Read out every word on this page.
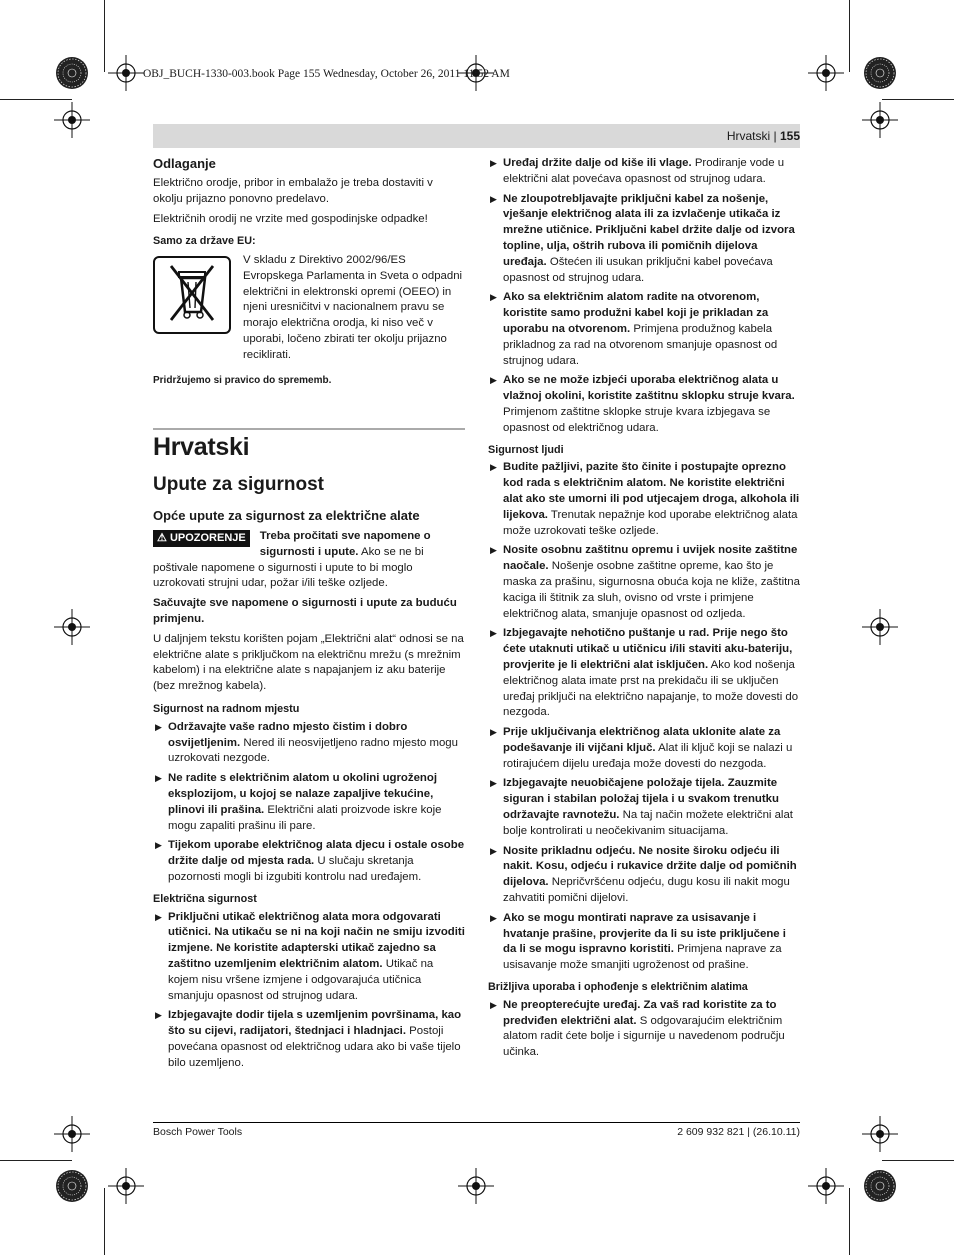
OBJ_BUCH-1330-003.book Page 155 Wednesday, October 26, 2011 11:52 AM
Hrvatski | 155

Odlaganje

Električno orodje, pribor in embalažo je treba dostaviti v okolju prijazno ponovno predelavo.

Električnih orodij ne vrzite med gospodinjske odpadke!

Samo za države EU:

V skladu z Direktivo 2002/96/ES Evropskega Parlamenta in Sveta o odpadni električni in elektronski opremi (OEEO) in njeni uresničitvi v nacionalnem pravu se morajo električna orodja, ki niso več v uporabi, ločeno zbirati ter okolju prijazno reciklirati.

Pridržujemo si pravico do sprememb.

Hrvatski

Upute za sigurnost

Opće upute za sigurnost za električne alate

⚠ UPOZORENJE	Treba pročitati sve napomene o sigurnosti i upute. Ako se ne bi poštivale napomene o sigurnosti i upute to bi moglo uzrokovati strujni udar, požar i/ili teške ozljede.

Sačuvajte sve napomene o sigurnosti i upute za buduću primjenu.

U daljnjem tekstu korišten pojam „Električni alat“ odnosi se na električne alate s priključkom na električnu mrežu (s mrežnim kabelom) i na električne alate s napajanjem iz aku baterije (bez mrežnog kabela).

Sigurnost na radnom mjestu

▶ Održavajte vaše radno mjesto čistim i dobro osvijetljenim. Nered ili neosvijetljeno radno mjesto mogu uzrokovati nezgode.
▶ Ne radite s električnim alatom u okolini ugroženoj eksplozijom, u kojoj se nalaze zapaljive tekućine, plinovi ili prašina. Električni alati proizvode iskre koje mogu zapaliti prašinu ili pare.
▶ Tijekom uporabe električnog alata djecu i ostale osobe držite dalje od mjesta rada. U slučaju skretanja pozornosti mogli bi izgubiti kontrolu nad uređajem.

Električna sigurnost

▶ Priključni utikač električnog alata mora odgovarati utičnici. Na utikaču se ni na koji način ne smiju izvoditi izmjene. Ne koristite adapterski utikač zajedno sa zaštitno uzemljenim električnim alatom. Utikač na kojem nisu vršene izmjene i odgovarajuća utičnica smanjuju opasnost od strujnog udara.
▶ Izbjegavajte dodir tijela s uzemljenim površinama, kao što su cijevi, radijatori, štednjaci i hladnjaci. Postoji povećana opasnost od električnog udara ako bi vaše tijelo bilo uzemljeno.
▶ Uređaj držite dalje od kiše ili vlage. Prodiranje vode u električni alat povećava opasnost od strujnog udara.
▶ Ne zloupotrebljavajte priključni kabel za nošenje, vješanje električnog alata ili za izvlačenje utikača iz mrežne utičnice. Priključni kabel držite dalje od izvora topline, ulja, oštrih rubova ili pomičnih dijelova uređaja. Oštećen ili usukan priključni kabel povećava opasnost od strujnog udara.
▶ Ako sa električnim alatom radite na otvorenom, koristite samo produžni kabel koji je prikladan za uporabu na otvorenom. Primjena produžnog kabela prikladnog za rad na otvorenom smanjuje opasnost od strujnog udara.
▶ Ako se ne može izbjeći uporaba električnog alata u vlažnoj okolini, koristite zaštitnu sklopku struje kvara. Primjenom zaštitne sklopke struje kvara izbjegava se opasnost od električnog udara.

Sigurnost ljudi

▶ Budite pažljivi, pazite što činite i postupajte oprezno kod rada s električnim alatom. Ne koristite električni alat ako ste umorni ili pod utjecajem droga, alkohola ili lijekova. Trenutak nepažnje kod uporabe električnog alata može uzrokovati teške ozljede.
▶ Nosite osobnu zaštitnu opremu i uvijek nosite zaštitne naočale. Nošenje osobne zaštitne opreme, kao što je maska za prašinu, sigurnosna obuća koja ne kliže, zaštitna kaciga ili štitnik za sluh, ovisno od vrste i primjene električnog alata, smanjuje opasnost od ozljeda.
▶ Izbjegavajte nehotično puštanje u rad. Prije nego što ćete utaknuti utikač u utičnicu i/ili staviti aku-bateriju, provjerite je li električni alat isključen. Ako kod nošenja električnog alata imate prst na prekidaču ili se uključen uređaj priključi na električno napajanje, to može dovesti do nezgoda.
▶ Prije uključivanja električnog alata uklonite alate za podešavanje ili vijčani ključ. Alat ili ključ koji se nalazi u rotirajućem dijelu uređaja može dovesti do nezgoda.
▶ Izbjegavajte neuobičajene položaje tijela. Zauzmite siguran i stabilan položaj tijela i u svakom trenutku održavajte ravnotežu. Na taj način možete električni alat bolje kontrolirati u neočekivanim situacijama.
▶ Nosite prikladnu odjeću. Ne nosite široku odjeću ili nakit. Kosu, odjeću i rukavice držite dalje od pomičnih dijelova. Nepričvršćenu odjeću, dugu kosu ili nakit mogu zahvatiti pomični dijelovi.
▶ Ako se mogu montirati naprave za usisavanje i hvatanje prašine, provjerite da li su iste priključene i da li se mogu ispravno koristiti. Primjena naprave za usisavanje može smanjiti ugroženost od prašine.

Brižljiva uporaba i ophođenje s električnim alatima

▶ Ne preopterećujte uređaj. Za vaš rad koristite za to predviđen električni alat. S odgovarajućim električnim alatom radit ćete bolje i sigurnije u navedenom području učinka.
Bosch Power Tools	2 609 932 821 | (26.10.11)
